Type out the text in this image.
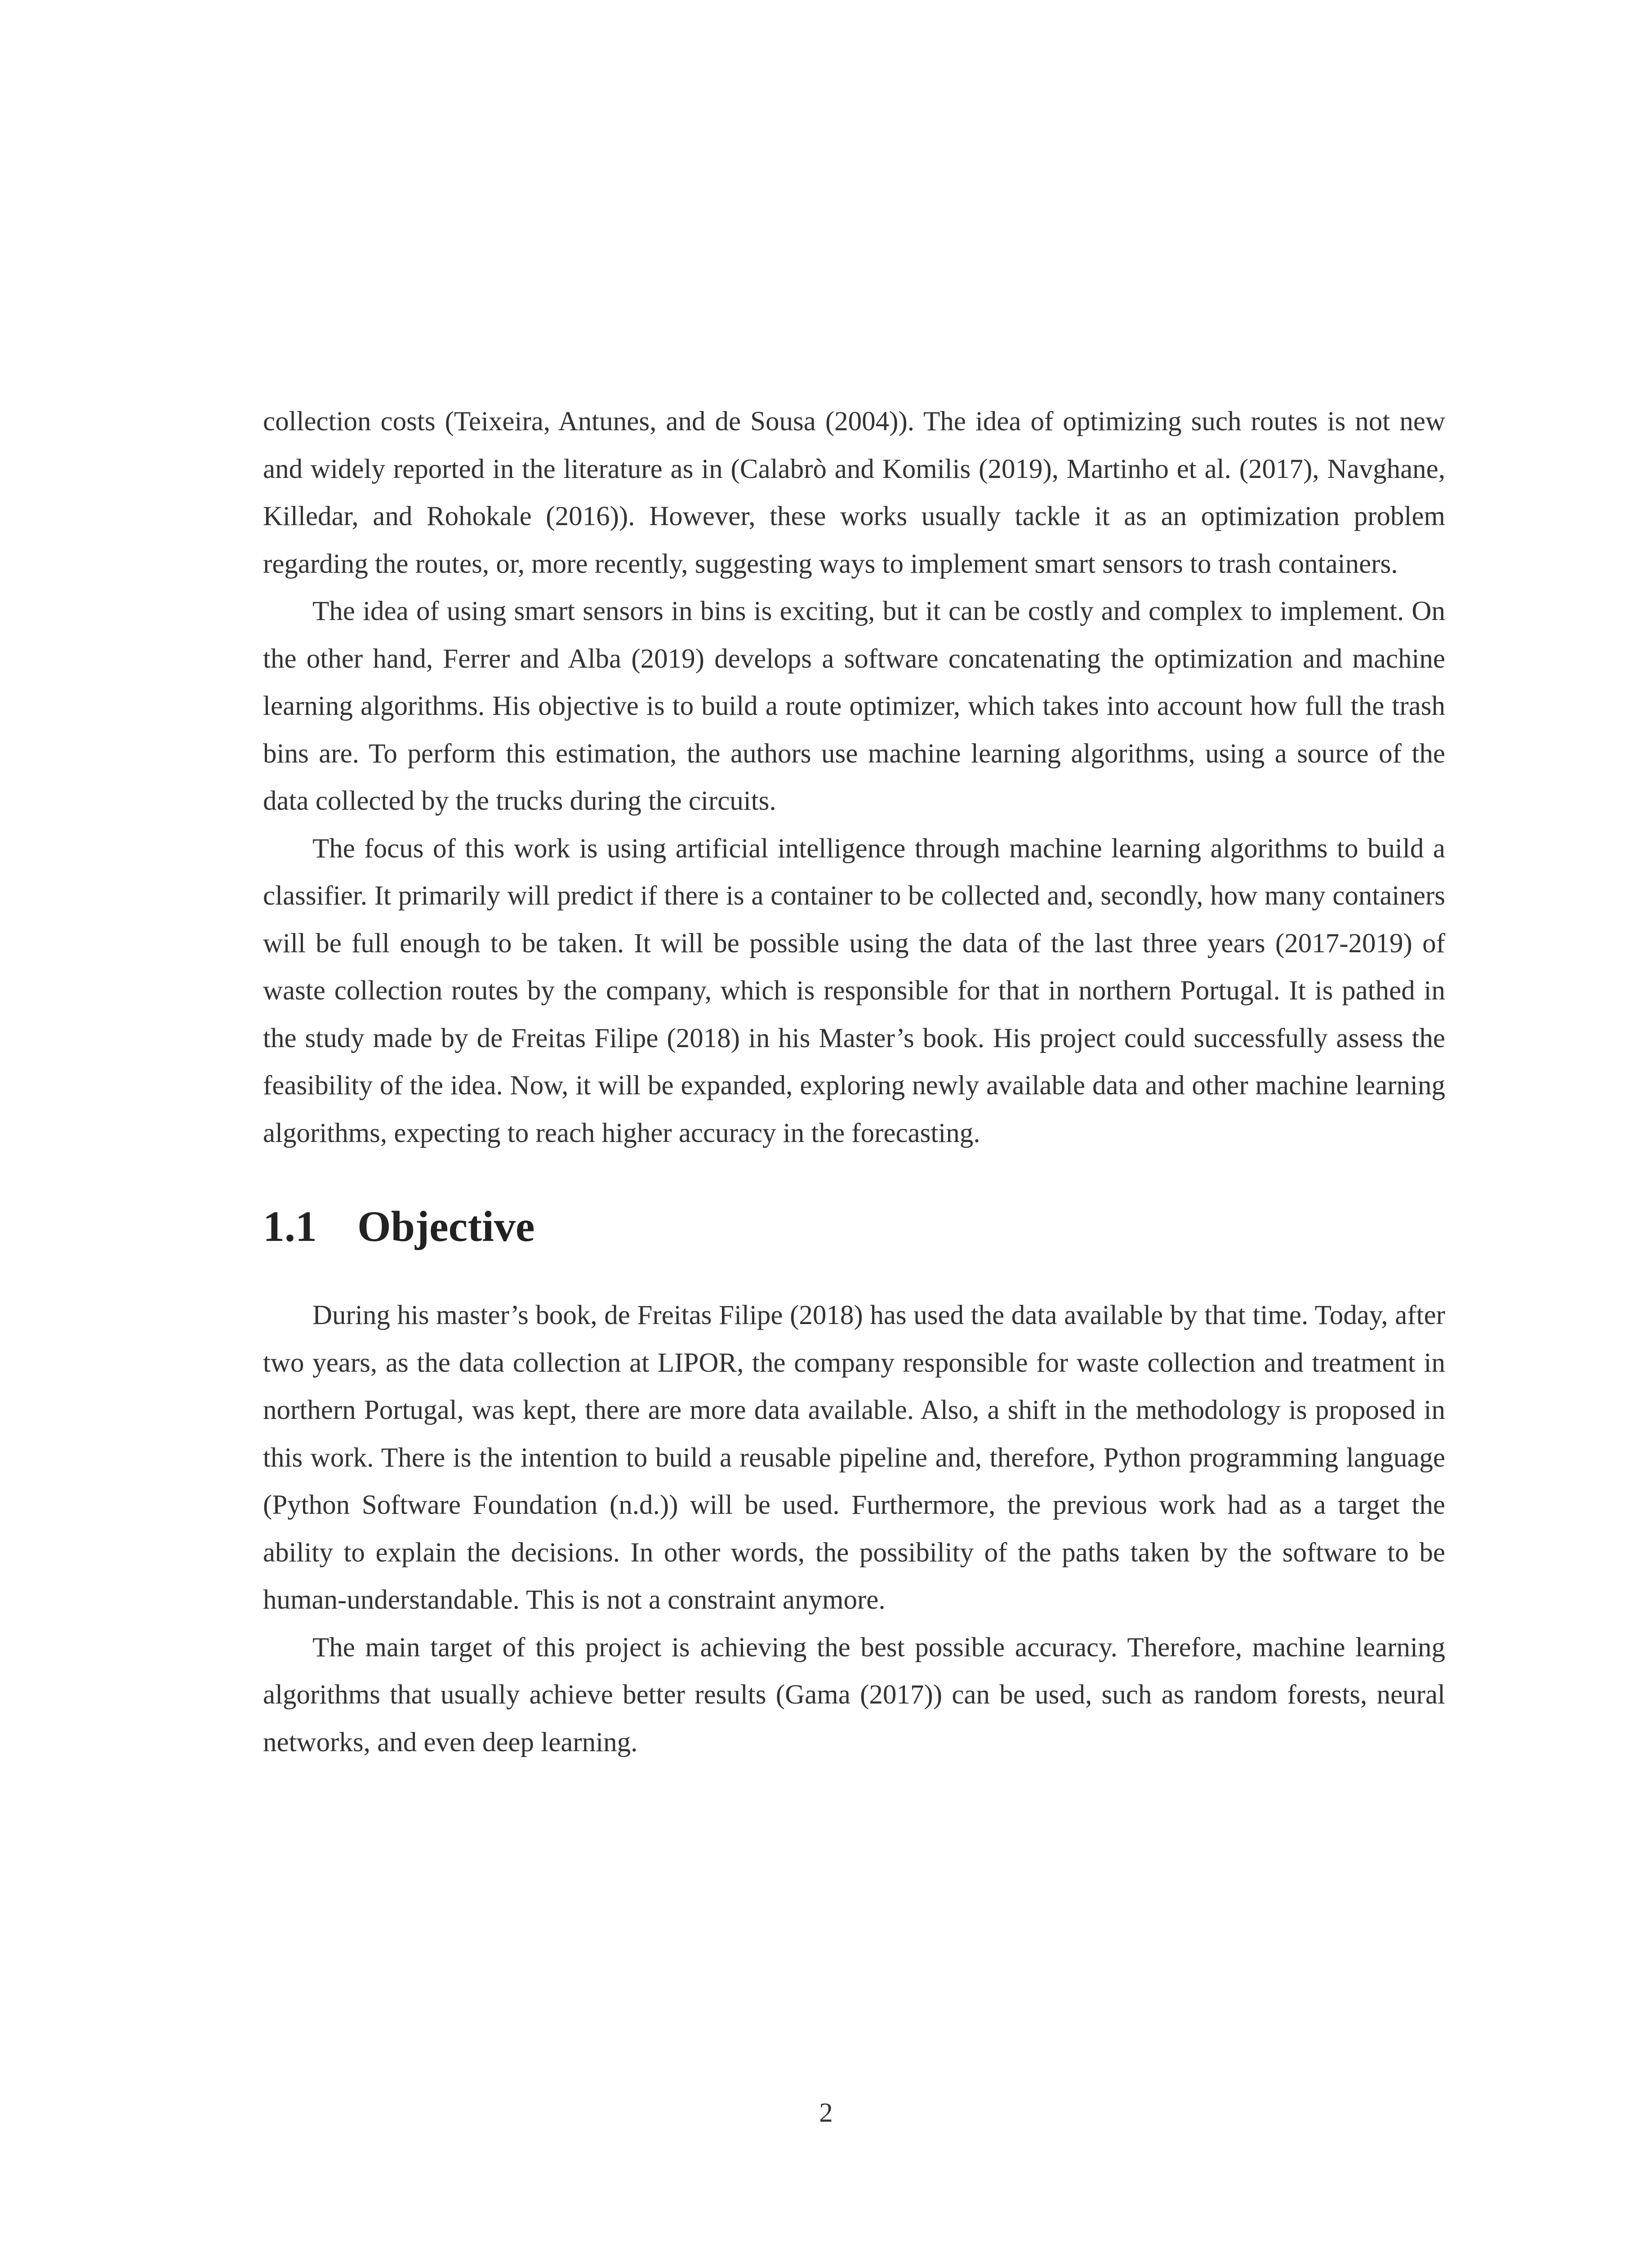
collection costs (Teixeira, Antunes, and de Sousa (2004)). The idea of optimizing such routes is not new and widely reported in the literature as in (Calabrò and Komilis (2019), Martinho et al. (2017), Navghane, Killedar, and Rohokale (2016)). However, these works usually tackle it as an optimization problem regarding the routes, or, more recently, suggesting ways to implement smart sensors to trash containers.

The idea of using smart sensors in bins is exciting, but it can be costly and complex to implement. On the other hand, Ferrer and Alba (2019) develops a software concatenating the optimization and machine learning algorithms. His objective is to build a route optimizer, which takes into account how full the trash bins are. To perform this estimation, the authors use machine learning algorithms, using a source of the data collected by the trucks during the circuits.

The focus of this work is using artificial intelligence through machine learning algorithms to build a classifier. It primarily will predict if there is a container to be collected and, secondly, how many containers will be full enough to be taken. It will be possible using the data of the last three years (2017-2019) of waste collection routes by the company, which is responsible for that in northern Portugal. It is pathed in the study made by de Freitas Filipe (2018) in his Master’s book. His project could successfully assess the feasibility of the idea. Now, it will be expanded, exploring newly available data and other machine learning algorithms, expecting to reach higher accuracy in the forecasting.

1.1 Objective

During his master’s book, de Freitas Filipe (2018) has used the data available by that time. Today, after two years, as the data collection at LIPOR, the company responsible for waste collection and treatment in northern Portugal, was kept, there are more data available. Also, a shift in the methodology is proposed in this work. There is the intention to build a reusable pipeline and, therefore, Python programming language (Python Software Foundation (n.d.)) will be used. Furthermore, the previous work had as a target the ability to explain the decisions. In other words, the possibility of the paths taken by the software to be human-understandable. This is not a constraint anymore.

The main target of this project is achieving the best possible accuracy. Therefore, machine learning algorithms that usually achieve better results (Gama (2017)) can be used, such as random forests, neural networks, and even deep learning.

2
